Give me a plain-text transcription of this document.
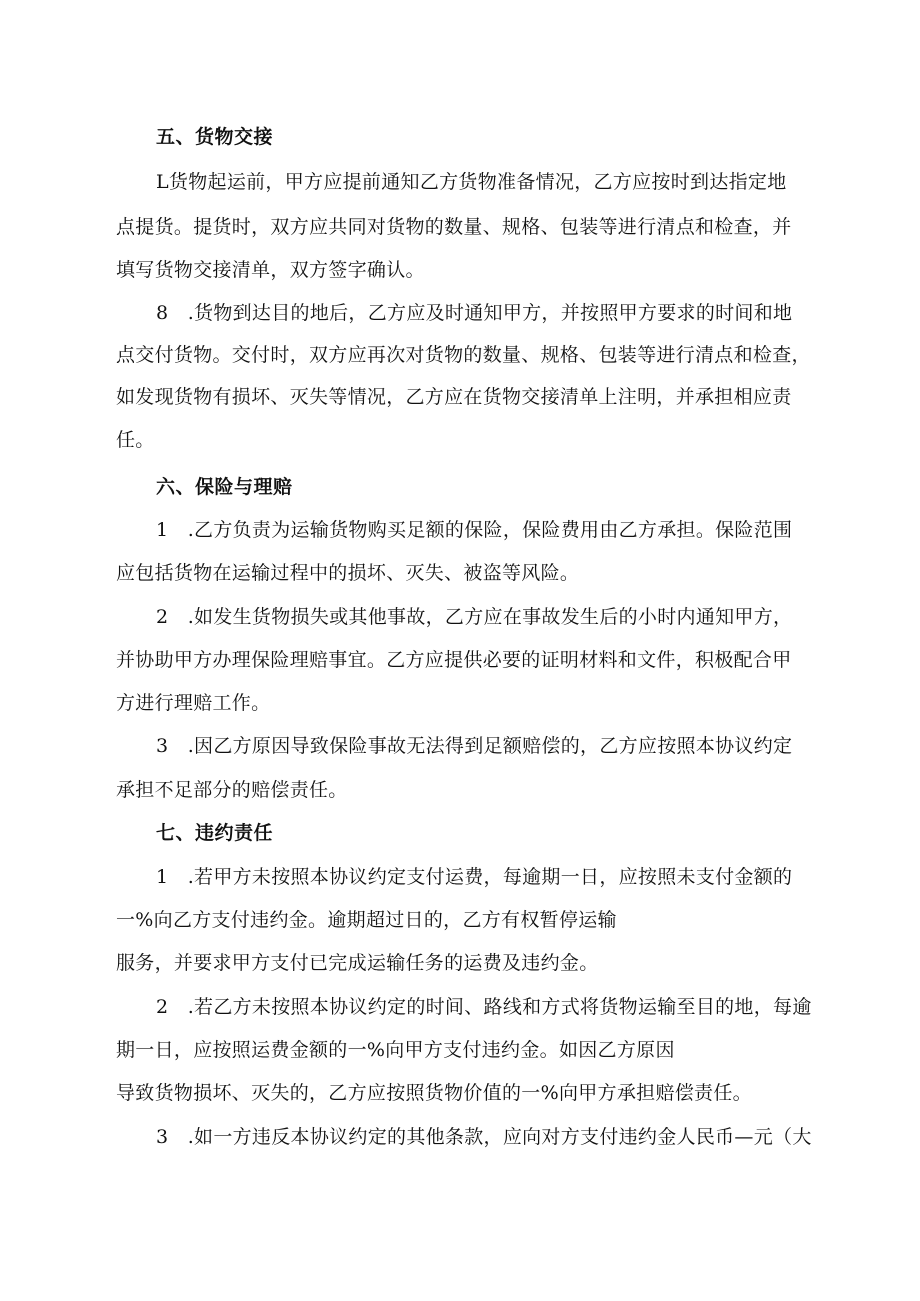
五、货物交接
L货物起运前，甲方应提前通知乙方货物准备情况，乙方应按时到达指定地
点提货。提货时，双方应共同对货物的数量、规格、包装等进行清点和检查，并
填写货物交接清单，双方签字确认。
8　.货物到达目的地后，乙方应及时通知甲方，并按照甲方要求的时间和地
点交付货物。交付时，双方应再次对货物的数量、规格、包装等进行清点和检查，
如发现货物有损坏、灭失等情况，乙方应在货物交接清单上注明，并承担相应责
任。
六、保险与理赔
1　.乙方负责为运输货物购买足额的保险，保险费用由乙方承担。保险范围
应包括货物在运输过程中的损坏、灭失、被盗等风险。
2　.如发生货物损失或其他事故，乙方应在事故发生后的小时内通知甲方，
并协助甲方办理保险理赔事宜。乙方应提供必要的证明材料和文件，积极配合甲
方进行理赔工作。
3　.因乙方原因导致保险事故无法得到足额赔偿的，乙方应按照本协议约定
承担不足部分的赔偿责任。
七、违约责任
1　.若甲方未按照本协议约定支付运费，每逾期一日，应按照未支付金额的
一%向乙方支付违约金。逾期超过日的，乙方有权暂停运输
服务，并要求甲方支付已完成运输任务的运费及违约金。
2　.若乙方未按照本协议约定的时间、路线和方式将货物运输至目的地，每逾
期一日，应按照运费金额的一%向甲方支付违约金。如因乙方原因
导致货物损坏、灭失的，乙方应按照货物价值的一%向甲方承担赔偿责任。
3　.如一方违反本协议约定的其他条款，应向对方支付违约金人民币—元（大
